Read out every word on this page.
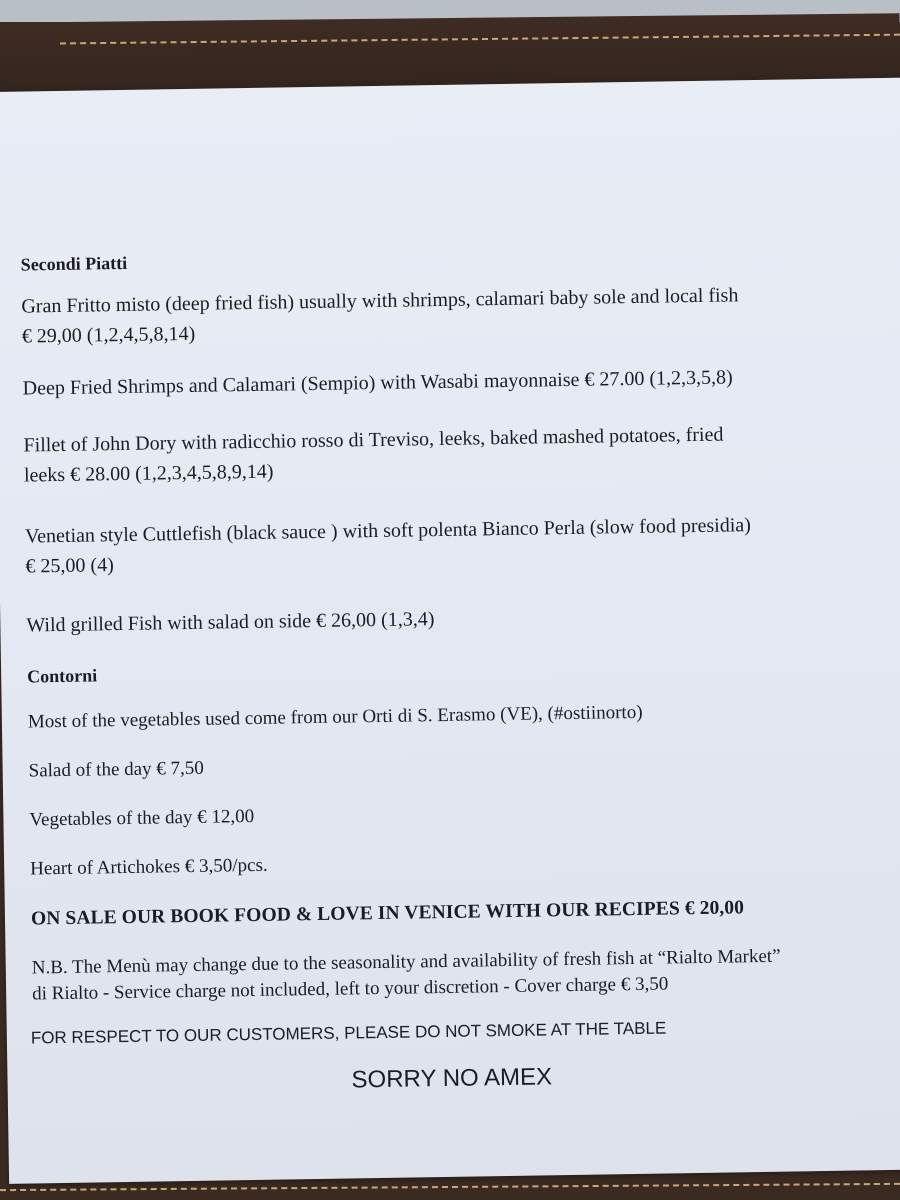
Secondi Piatti
Gran Fritto misto (deep fried fish) usually with shrimps, calamari baby sole and local fish
€ 29,00 (1,2,4,5,8,14)
Deep Fried Shrimps and Calamari (Sempio) with Wasabi mayonnaise € 27.00 (1,2,3,5,8)
Fillet of John Dory with radicchio rosso di Treviso, leeks, baked mashed potatoes, fried
leeks € 28.00 (1,2,3,4,5,8,9,14)
Venetian style Cuttlefish (black sauce ) with soft polenta Bianco Perla (slow food presidia)
€ 25,00 (4)
Wild grilled Fish with salad on side € 26,00 (1,3,4)
Contorni
Most of the vegetables used come from our Orti di S. Erasmo (VE), (#ostiinorto)
Salad of the day € 7,50
Vegetables of the day € 12,00
Heart of Artichokes € 3,50/pcs.
ON SALE OUR BOOK FOOD & LOVE IN VENICE WITH OUR RECIPES € 20,00
N.B. The Menù may change due to the seasonality and availability of fresh fish at “Rialto Market”
di Rialto - Service charge not included, left to your discretion - Cover charge € 3,50
FOR RESPECT TO OUR CUSTOMERS, PLEASE DO NOT SMOKE AT THE TABLE
SORRY NO AMEX
